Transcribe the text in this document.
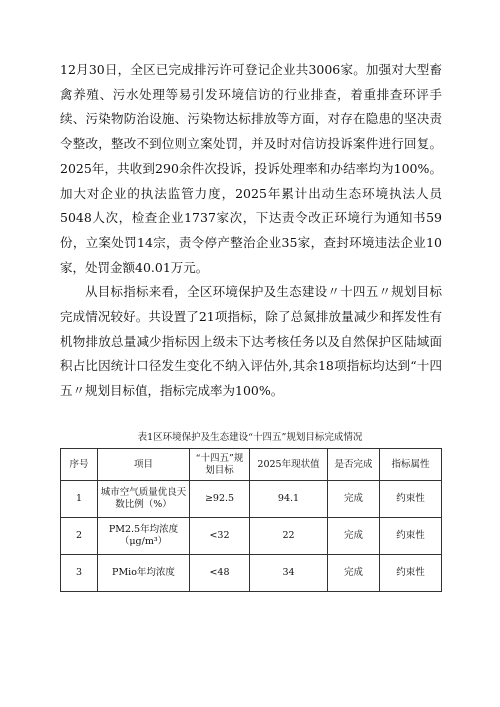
12月30日，全区已完成排污许可登记企业共3006家。加强对大型畜禽养殖、污水处理等易引发环境信访的行业排查，着重排查环评手续、污染物防治设施、污染物达标排放等方面，对存在隐患的坚决责令整改，整改不到位则立案处罚，并及时对信访投诉案件进行回复。2025年，共收到290余件次投诉，投诉处理率和办结率均为100%。加大对企业的执法监管力度，2025年累计出动生态环境执法人员5048人次，检查企业1737家次，下达责令改正环境行为通知书59份，立案处罚14宗，责令停产整治企业35家，查封环境违法企业10家，处罚金额40.01万元。

从目标指标来看，全区环境保护及生态建设〃十四五〃规划目标完成情况较好。共设置了21项指标，除了总氮排放量减少和挥发性有机物排放总量减少指标因上级未下达考核任务以及自然保护区陆域面积占比因统计口径发生变化不纳入评估外,其余18项指标均达到“十四五〃规划目标值，指标完成率为100%。

表1区环境保护及生态建设“十四五”规划目标完成情况
序号	项目	“十四五”规划目标	2025年现状值	是否完成	指标属性
1	城市空气质量优良天数比例（%）	≥92.5	94.1	完成	约束性
2	PM2.5年均浓度（μg/m³）	<32	22	完成	约束性
3	PMio年均浓度	<48	34	完成	约束性
